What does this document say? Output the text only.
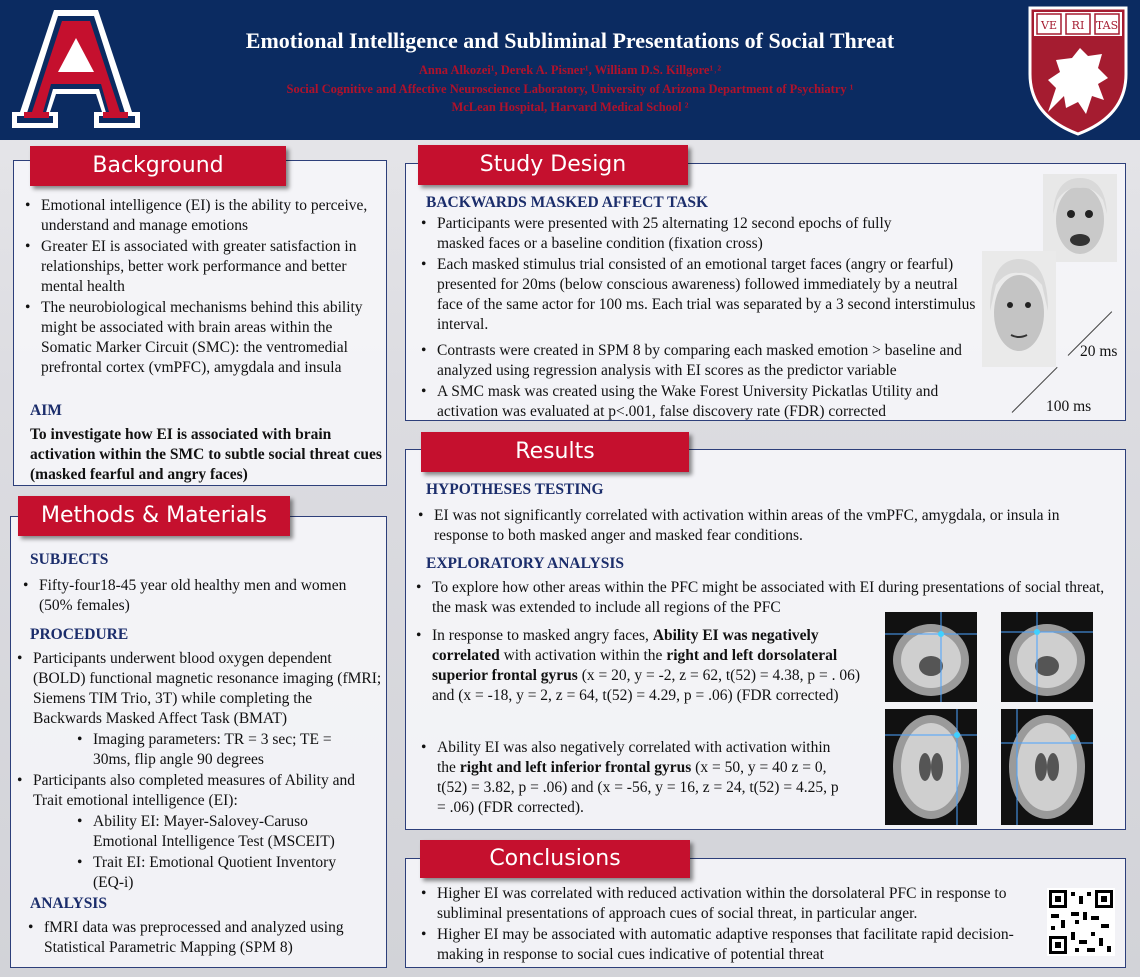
Emotional Intelligence and Subliminal Presentations of Social Threat
Anna Alkozei¹, Derek A. Pisner¹, William D.S. Killgore¹˒²
Social Cognitive and Affective Neuroscience Laboratory, University of Arizona Department of Psychiatry ¹
McLean Hospital, Harvard Medical School ²
VE RI TAS
Background
• Emotional intelligence (EI) is the ability to perceive, understand and manage emotions
• Greater EI is associated with greater satisfaction in relationships, better work performance and better mental health
• The neurobiological mechanisms behind this ability might be associated with brain areas within the Somatic Marker Circuit (SMC): the ventromedial prefrontal cortex (vmPFC), amygdala and insula
AIM
To investigate how EI is associated with brain activation within the SMC to subtle social threat cues (masked fearful and angry faces)
Methods & Materials
SUBJECTS
• Fifty-four18-45 year old healthy men and women (50% females)
PROCEDURE
• Participants underwent blood oxygen dependent (BOLD) functional magnetic resonance imaging (fMRI; Siemens TIM Trio, 3T) while completing the Backwards Masked Affect Task (BMAT)
• Imaging parameters: TR = 3 sec; TE = 30ms, flip angle 90 degrees
• Participants also completed measures of Ability and Trait emotional intelligence (EI):
• Ability EI: Mayer-Salovey-Caruso Emotional Intelligence Test (MSCEIT)
• Trait EI: Emotional Quotient Inventory (EQ-i)
ANALYSIS
• fMRI data was preprocessed and analyzed using Statistical Parametric Mapping (SPM 8)
Study Design
BACKWARDS MASKED AFFECT TASK
• Participants were presented with 25 alternating 12 second epochs of fully masked faces or a baseline condition (fixation cross)
• Each masked stimulus trial consisted of an emotional target faces (angry or fearful) presented for 20ms (below conscious awareness) followed immediately by a neutral face of the same actor for 100 ms. Each trial was separated by a 3 second interstimulus interval.
• Contrasts were created in SPM 8 by comparing each masked emotion > baseline and analyzed using regression analysis with EI scores as the predictor variable
• A SMC mask was created using the Wake Forest University Pickatlas Utility and activation was evaluated at p<.001, false discovery rate (FDR) corrected
20 ms
100 ms
Results
HYPOTHESES TESTING
• EI was not significantly correlated with activation within areas of the vmPFC, amygdala, or insula in response to both masked anger and masked fear conditions.
EXPLORATORY ANALYSIS
• To explore how other areas within the PFC might be associated with EI during presentations of social threat, the mask was extended to include all regions of the PFC
• In response to masked angry faces, Ability EI was negatively correlated with activation within the right and left dorsolateral superior frontal gyrus (x = 20, y = -2, z = 62, t(52) = 4.38, p = . 06) and (x = -18, y = 2, z = 64, t(52) = 4.29, p = .06) (FDR corrected)
• Ability EI was also negatively correlated with activation within the right and left inferior frontal gyrus (x = 50, y = 40 z = 0, t(52) = 3.82, p = .06) and (x = -56, y = 16, z = 24, t(52) = 4.25, p = .06) (FDR corrected).
Conclusions
• Higher EI was correlated with reduced activation within the dorsolateral PFC in response to subliminal presentations of approach cues of social threat, in particular anger.
• Higher EI may be associated with automatic adaptive responses that facilitate rapid decision-making in response to social cues indicative of potential threat
